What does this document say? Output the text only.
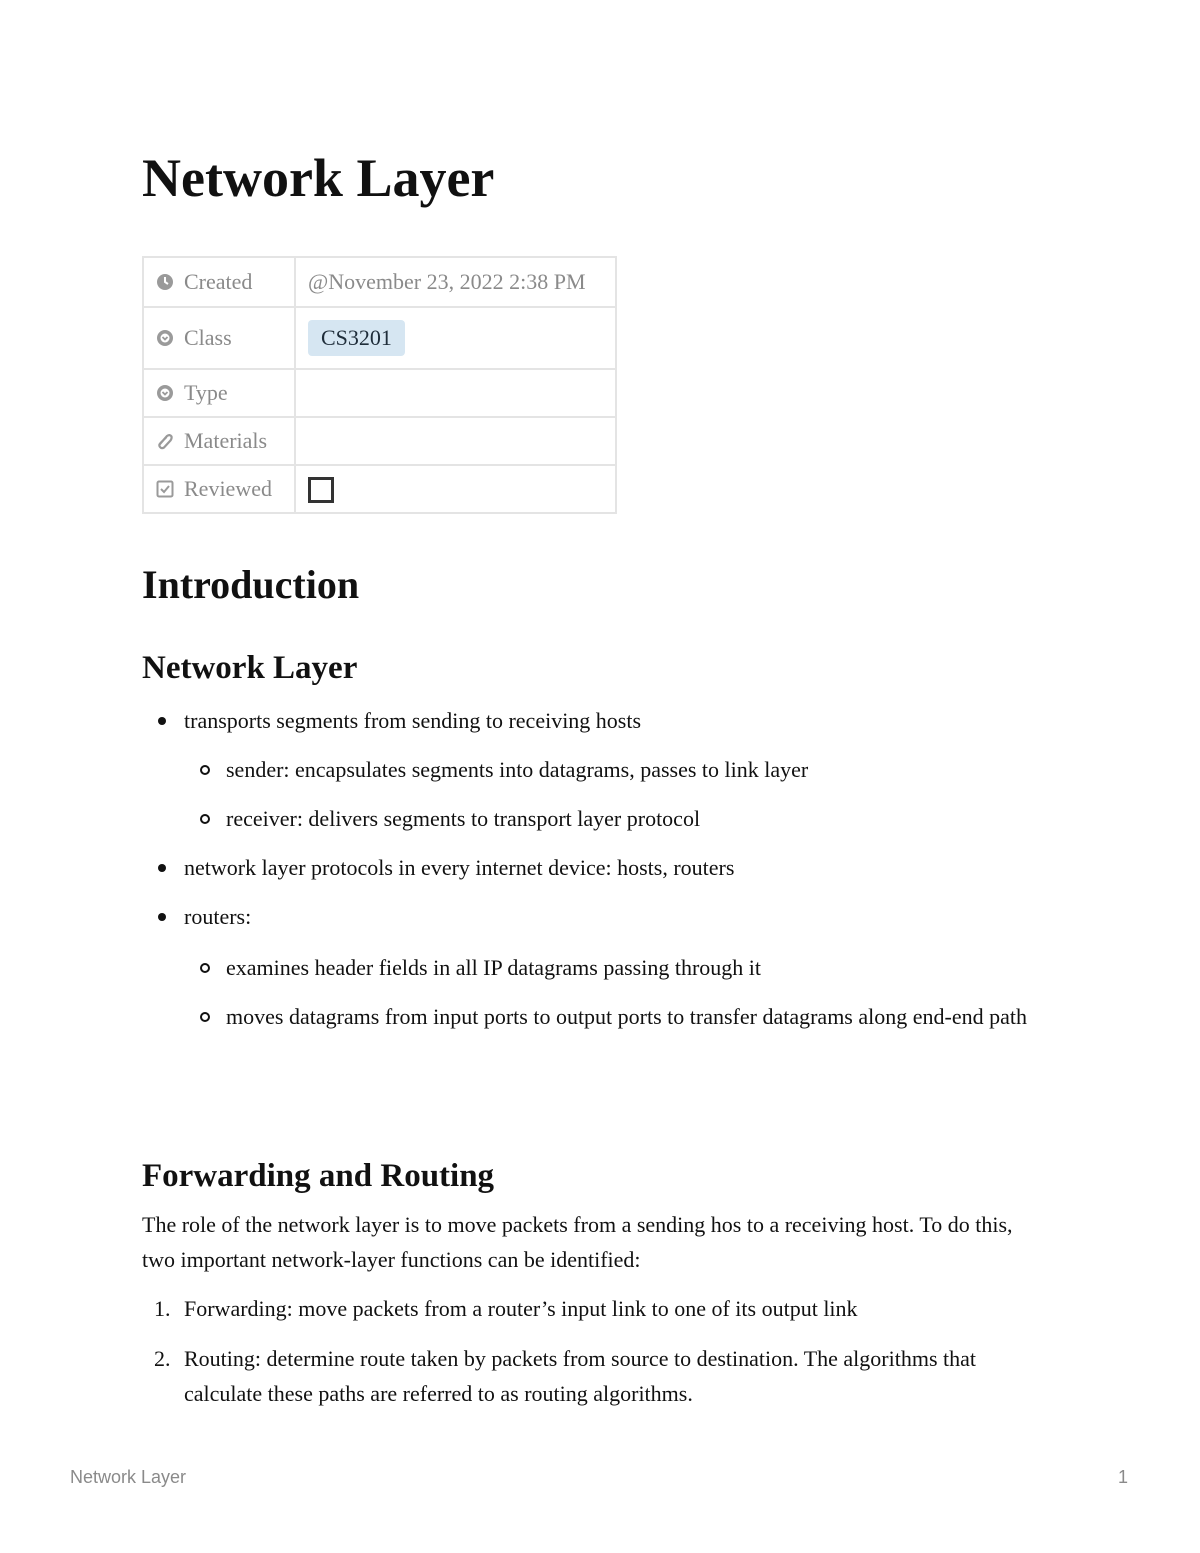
Network Layer
Created	@November 23, 2022 2:38 PM
Class	CS3201
Type	
Materials	
Reviewed	
Introduction
Network Layer
transports segments from sending to receiving hosts
sender: encapsulates segments into datagrams, passes to link layer
receiver: delivers segments to transport layer protocol
network layer protocols in every internet device: hosts, routers
routers:
examines header fields in all IP datagrams passing through it
moves datagrams from input ports to output ports to transfer datagrams along end-end path
Forwarding and Routing
The role of the network layer is to move packets from a sending hos to a receiving host. To do this, two important network-layer functions can be identified:
1. Forwarding: move packets from a router’s input link to one of its output link
2. Routing: determine route taken by packets from source to destination. The algorithms that calculate these paths are referred to as routing algorithms.
Network Layer	1
